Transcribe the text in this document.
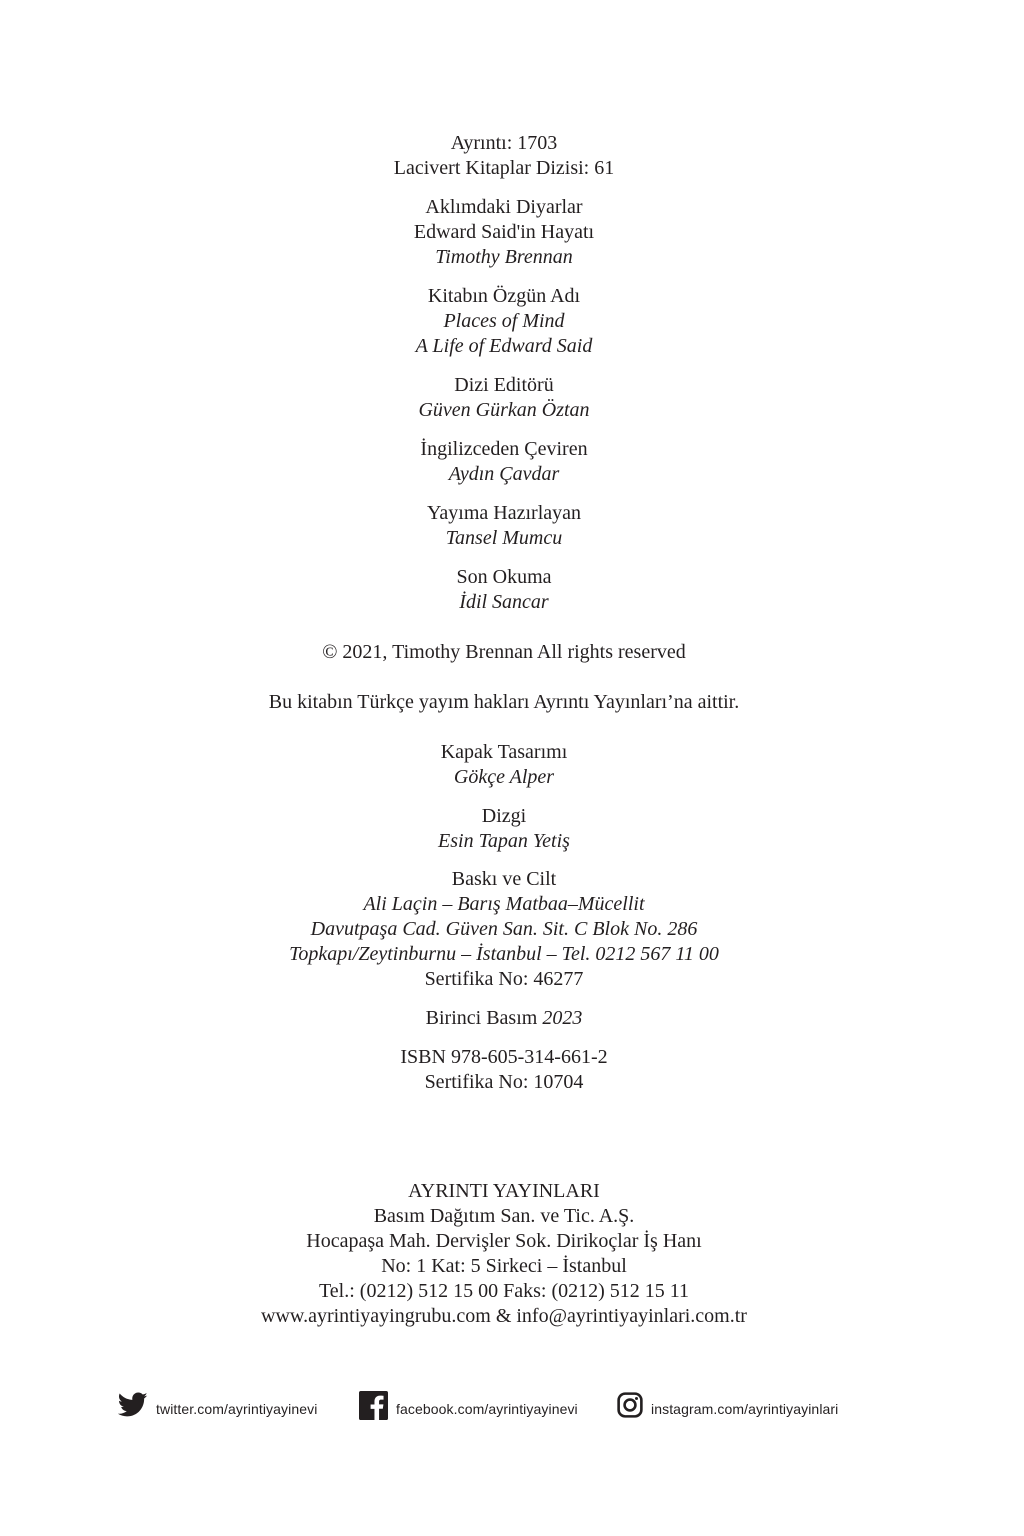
Ayrıntı: 1703
Lacivert Kitaplar Dizisi: 61
Aklımdaki Diyarlar
Edward Said'in Hayatı
Timothy Brennan
Kitabın Özgün Adı
Places of Mind
A Life of Edward Said
Dizi Editörü
Güven Gürkan Öztan
İngilizceden Çeviren
Aydın Çavdar
Yayıma Hazırlayan
Tansel Mumcu
Son Okuma
İdil Sancar
© 2021, Timothy Brennan All rights reserved
Bu kitabın Türkçe yayım hakları Ayrıntı Yayınları’na aittir.
Kapak Tasarımı
Gökçe Alper
Dizgi
Esin Tapan Yetiş
Baskı ve Cilt
Ali Laçin – Barış Matbaa–Mücellit
Davutpaşa Cad. Güven San. Sit. C Blok No. 286
Topkapı/Zeytinburnu – İstanbul – Tel. 0212 567 11 00
Sertifika No: 46277
Birinci Basım 2023
ISBN 978-605-314-661-2
Sertifika No: 10704
AYRINTI YAYINLARI
Basım Dağıtım San. ve Tic. A.Ş.
Hocapaşa Mah. Dervişler Sok. Dirikoçlar İş Hanı
No: 1 Kat: 5 Sirkeci – İstanbul
Tel.: (0212) 512 15 00 Faks: (0212) 512 15 11
www.ayrintiyayingrubu.com & info@ayrintiyayinlari.com.tr
twitter.com/ayrintiyayinevi	facebook.com/ayrintiyayinevi	instagram.com/ayrintiyayinlari
